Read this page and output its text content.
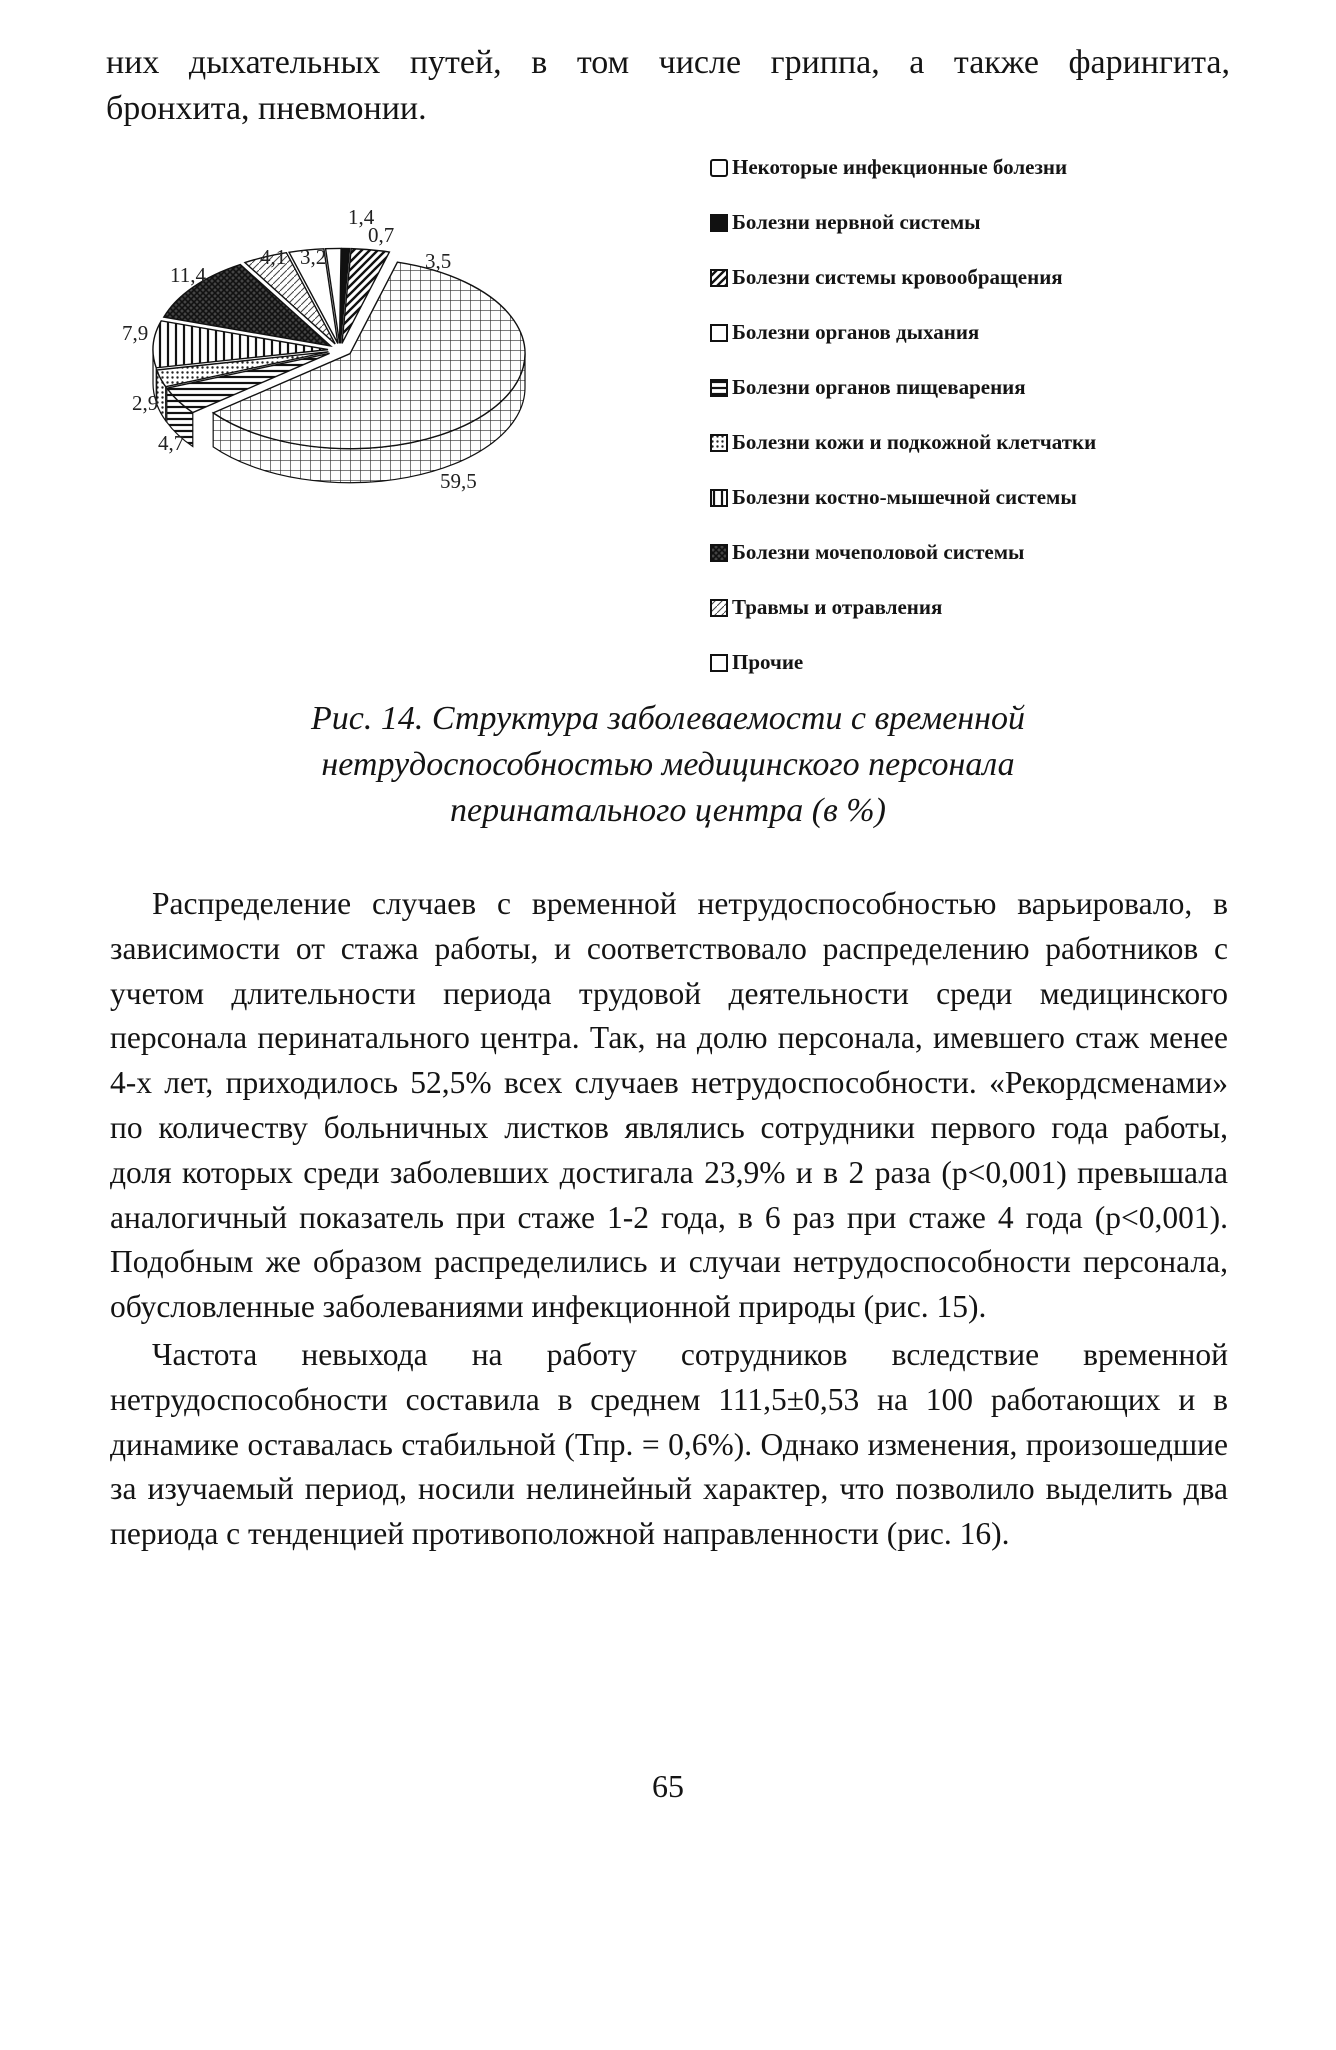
них дыхательных путей, в том числе гриппа, а также фарингита,
бронхита, пневмонии.
1,4
0,7
3,5
59,5
4,7
2,9
7,9
11,4
4,1 3,2
Некоторые инфекционные болезни
Болезни нервной системы
Болезни системы кровообращения
Болезни органов дыхания
Болезни органов пищеварения
Болезни кожи и подкожной клетчатки
Болезни костно-мышечной системы
Болезни мочеполовой системы
Травмы и отравления
Прочие
Рис. 14. Структура заболеваемости с временной
нетрудоспособностью медицинского персонала
перинатального центра (в %)

Распределение случаев с временной нетрудоспособностью варьировало, в зависимости от стажа работы, и соответствовало распределению работников с учетом длительности периода трудовой деятельности среди медицинского персонала перинатального центра. Так, на долю персонала, имевшего стаж менее 4-х лет, приходилось 52,5% всех случаев нетрудоспособности. «Рекордсменами» по количеству больничных листков являлись сотрудники первого года работы, доля которых среди заболевших достигала 23,9% и в 2 раза (р<0,001) превышала аналогичный показатель при стаже 1-2 года, в 6 раз при стаже 4 года (р<0,001). Подобным же образом распределились и случаи нетрудоспособности персонала, обусловленные заболеваниями инфекционной природы (рис. 15).

Частота невыхода на работу сотрудников вследствие временной нетрудоспособности составила в среднем 111,5±0,53 на 100 работающих и в динамике оставалась стабильной (Тпр. = 0,6%). Однако изменения, произошедшие за изучаемый период, носили нелинейный характер, что позволило выделить два периода с тенденцией противоположной направленности (рис. 16).

65
